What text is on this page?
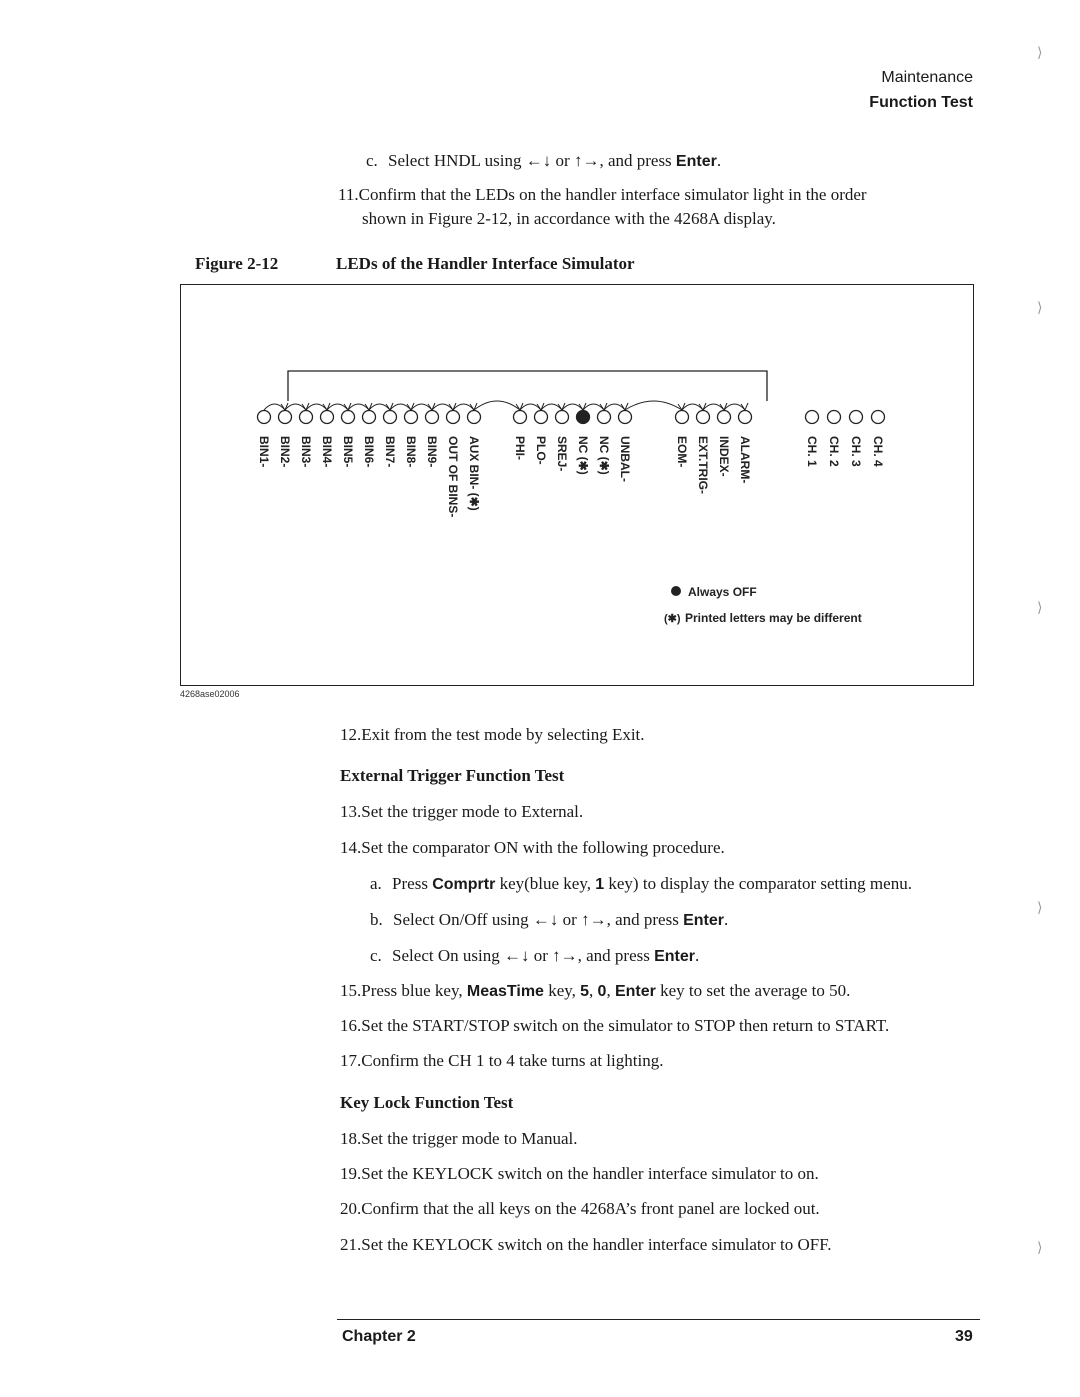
Maintenance
Function Test
c. Select HNDL using ←↓ or ↑→, and press Enter.
11.Confirm that the LEDs on the handler interface simulator light in the order
shown in Figure 2-12, in accordance with the 4268A display.
Figure 2-12	LEDs of the Handler Interface Simulator
BIN1- BIN2- BIN3- BIN4- BIN5- BIN6- BIN7- BIN8- BIN9- OUT OF BINS- AUX BIN- (✱)	PHI- PLO- SREJ- NC (✱) NC (✱) UNBAL-	EOM- EXT.TRIG- INDEX- ALARM-	CH. 1 CH. 2 CH. 3 CH. 4
Always OFF
(✱) Printed letters may be different
4268ase02006
12.Exit from the test mode by selecting Exit.
External Trigger Function Test
13.Set the trigger mode to External.
14.Set the comparator ON with the following procedure.
a. Press Comprtr key(blue key, 1 key) to display the comparator setting menu.
b. Select On/Off using ←↓ or ↑→, and press Enter.
c. Select On using ←↓ or ↑→, and press Enter.
15.Press blue key, MeasTime key, 5, 0, Enter key to set the average to 50.
16.Set the START/STOP switch on the simulator to STOP then return to START.
17.Confirm the CH 1 to 4 take turns at lighting.
Key Lock Function Test
18.Set the trigger mode to Manual.
19.Set the KEYLOCK switch on the handler interface simulator to on.
20.Confirm that the all keys on the 4268A’s front panel are locked out.
21.Set the KEYLOCK switch on the handler interface simulator to OFF.
Chapter 2	39
⟩
⟩
⟩
⟩
⟩
